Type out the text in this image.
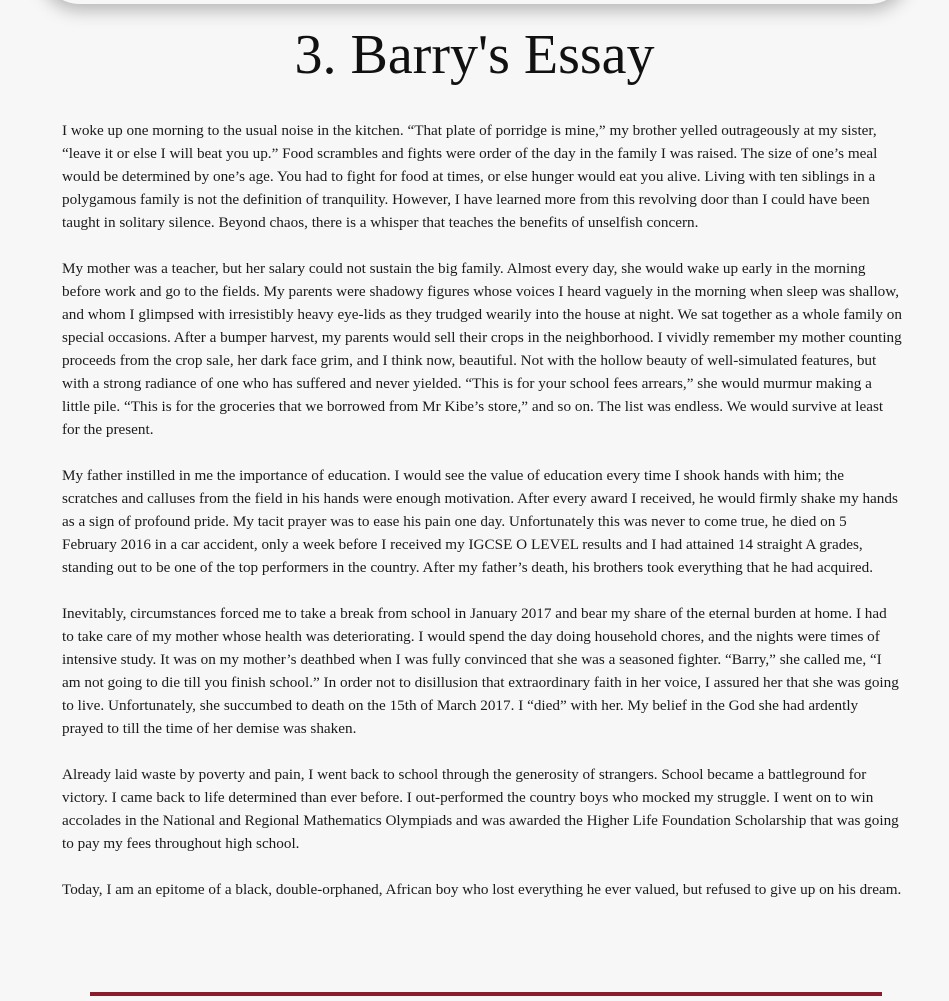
3. Barry's Essay

I woke up one morning to the usual noise in the kitchen. “That plate of porridge is mine,” my brother yelled outrageously at my sister, “leave it or else I will beat you up.” Food scrambles and fights were order of the day in the family I was raised. The size of one’s meal would be determined by one’s age. You had to fight for food at times, or else hunger would eat you alive. Living with ten siblings in a polygamous family is not the definition of tranquility. However, I have learned more from this revolving door than I could have been taught in solitary silence. Beyond chaos, there is a whisper that teaches the benefits of unselfish concern.

My mother was a teacher, but her salary could not sustain the big family. Almost every day, she would wake up early in the morning before work and go to the fields. My parents were shadowy figures whose voices I heard vaguely in the morning when sleep was shallow, and whom I glimpsed with irresistibly heavy eye-lids as they trudged wearily into the house at night. We sat together as a whole family on special occasions. After a bumper harvest, my parents would sell their crops in the neighborhood. I vividly remember my mother counting proceeds from the crop sale, her dark face grim, and I think now, beautiful. Not with the hollow beauty of well-simulated features, but with a strong radiance of one who has suffered and never yielded. “This is for your school fees arrears,” she would murmur making a little pile. “This is for the groceries that we borrowed from Mr Kibe’s store,” and so on. The list was endless. We would survive at least for the present.

My father instilled in me the importance of education. I would see the value of education every time I shook hands with him; the scratches and calluses from the field in his hands were enough motivation. After every award I received, he would firmly shake my hands as a sign of profound pride. My tacit prayer was to ease his pain one day. Unfortunately this was never to come true, he died on 5 February 2016 in a car accident, only a week before I received my IGCSE O LEVEL results and I had attained 14 straight A grades, standing out to be one of the top performers in the country. After my father’s death, his brothers took everything that he had acquired.

Inevitably, circumstances forced me to take a break from school in January 2017 and bear my share of the eternal burden at home. I had to take care of my mother whose health was deteriorating. I would spend the day doing household chores, and the nights were times of intensive study. It was on my mother’s deathbed when I was fully convinced that she was a seasoned fighter. “Barry,” she called me, “I am not going to die till you finish school.” In order not to disillusion that extraordinary faith in her voice, I assured her that she was going to live. Unfortunately, she succumbed to death on the 15th of March 2017. I “died” with her. My belief in the God she had ardently prayed to till the time of her demise was shaken.

Already laid waste by poverty and pain, I went back to school through the generosity of strangers. School became a battleground for victory. I came back to life determined than ever before. I out-performed the country boys who mocked my struggle. I went on to win accolades in the National and Regional Mathematics Olympiads and was awarded the Higher Life Foundation Scholarship that was going to pay my fees throughout high school.

Today, I am an epitome of a black, double-orphaned, African boy who lost everything he ever valued, but refused to give up on his dream.
